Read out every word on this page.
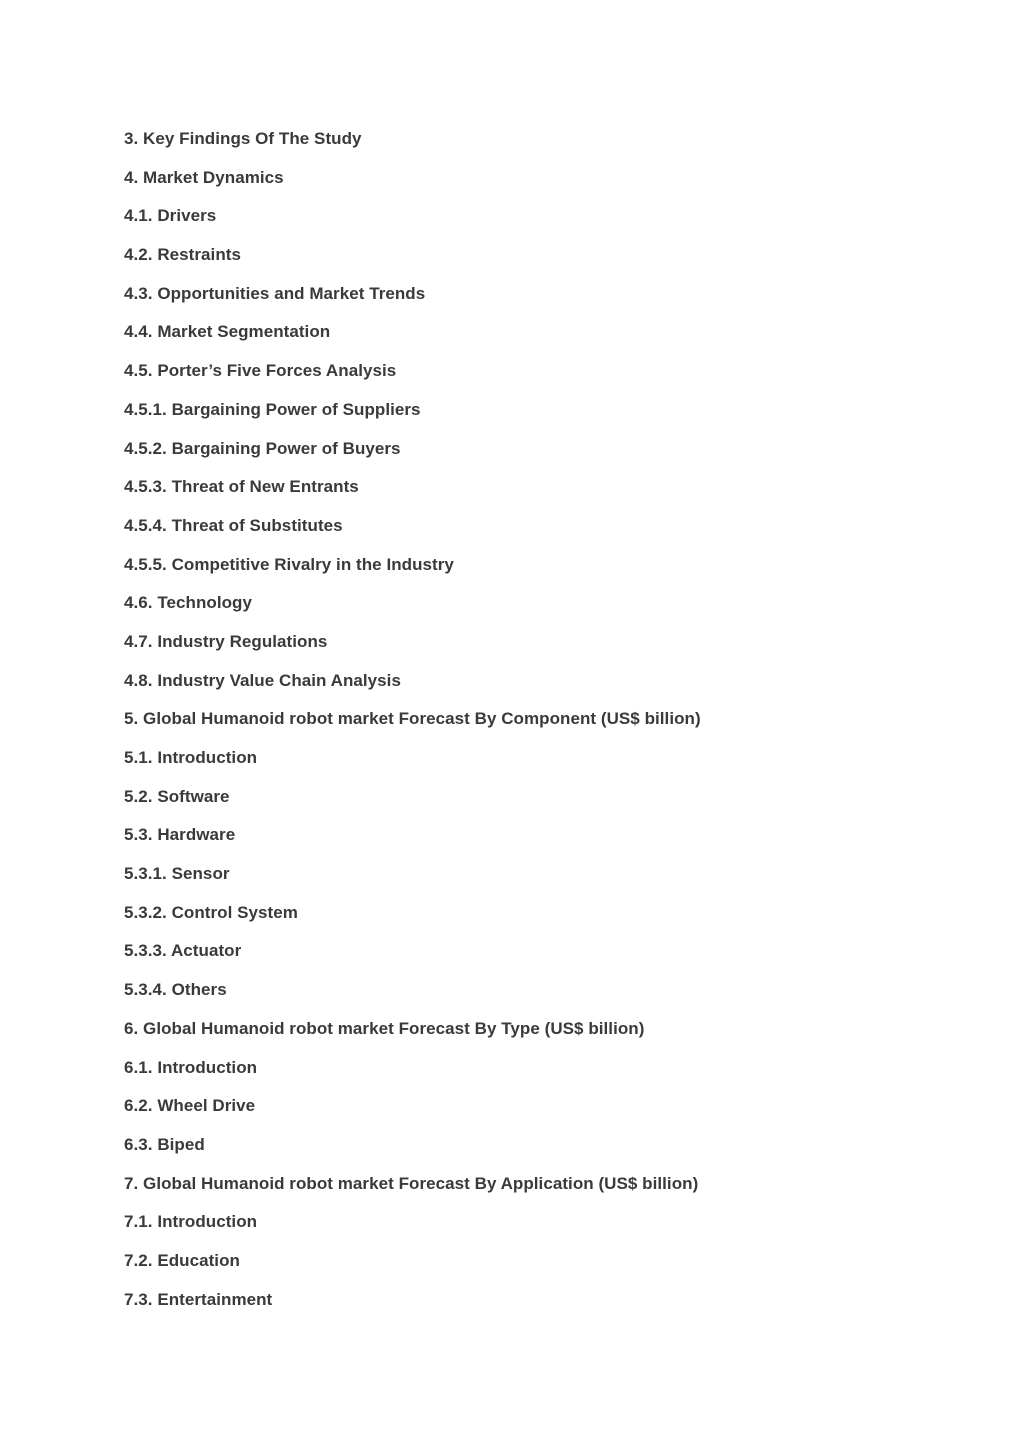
3. Key Findings Of The Study
4. Market Dynamics
4.1. Drivers
4.2. Restraints
4.3. Opportunities and Market Trends
4.4. Market Segmentation
4.5. Porter’s Five Forces Analysis
4.5.1. Bargaining Power of Suppliers
4.5.2. Bargaining Power of Buyers
4.5.3. Threat of New Entrants
4.5.4. Threat of Substitutes
4.5.5. Competitive Rivalry in the Industry
4.6. Technology
4.7. Industry Regulations
4.8. Industry Value Chain Analysis
5. Global Humanoid robot market Forecast By Component (US$ billion)
5.1. Introduction
5.2. Software
5.3. Hardware
5.3.1. Sensor
5.3.2. Control System
5.3.3. Actuator
5.3.4. Others
6. Global Humanoid robot market Forecast By Type (US$ billion)
6.1. Introduction
6.2. Wheel Drive
6.3. Biped
7. Global Humanoid robot market Forecast By Application (US$ billion)
7.1. Introduction
7.2. Education
7.3. Entertainment
